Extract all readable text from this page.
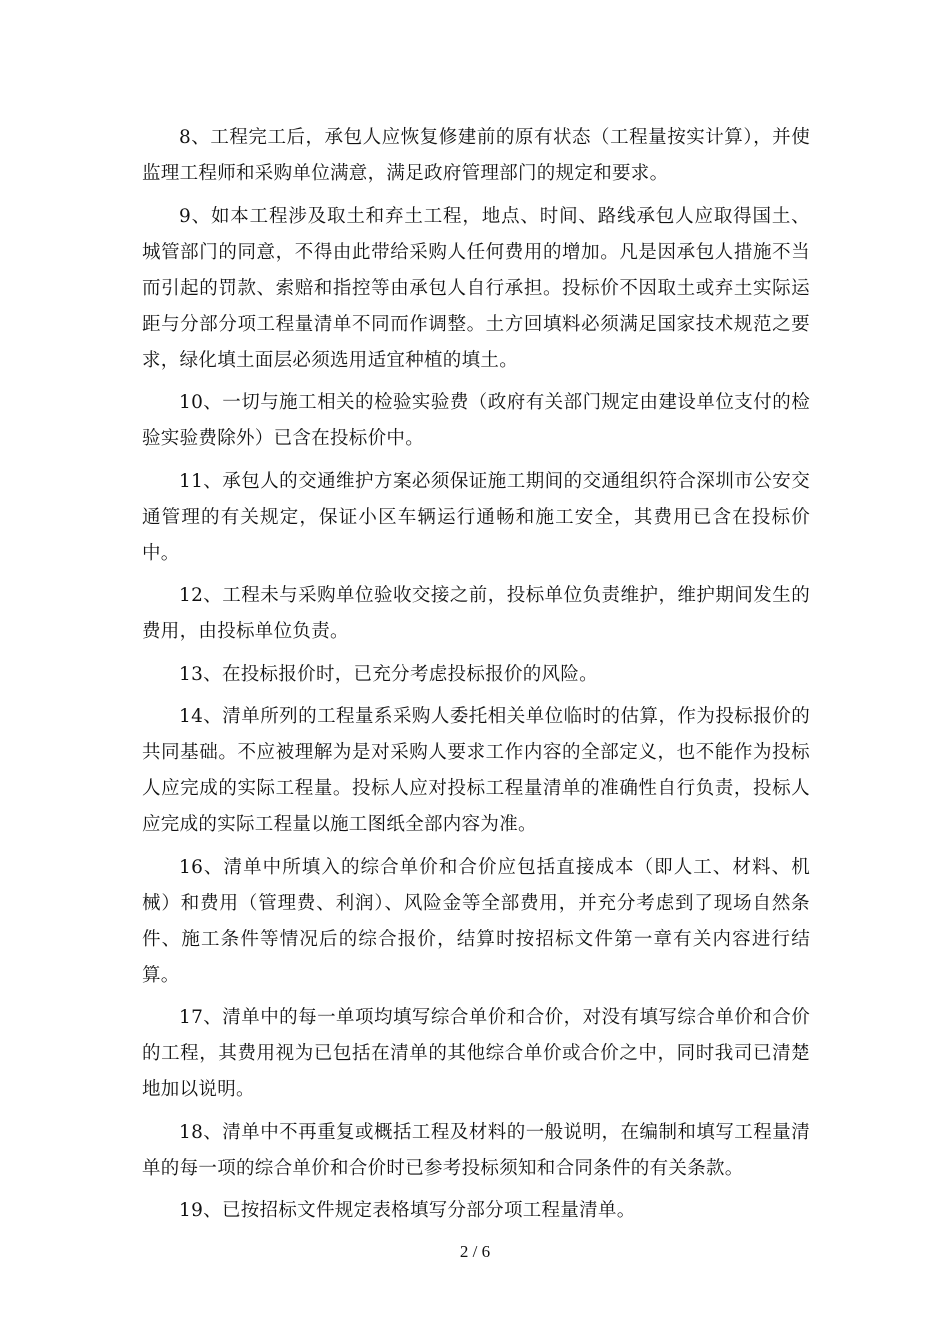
8、工程完工后，承包人应恢复修建前的原有状态（工程量按实计算），并使监理工程师和采购单位满意，满足政府管理部门的规定和要求。

9、如本工程涉及取土和弃土工程，地点、时间、路线承包人应取得国土、城管部门的同意，不得由此带给采购人任何费用的增加。凡是因承包人措施不当而引起的罚款、索赔和指控等由承包人自行承担。投标价不因取土或弃土实际运距与分部分项工程量清单不同而作调整。土方回填料必须满足国家技术规范之要求，绿化填土面层必须选用适宜种植的填土。

10、一切与施工相关的检验实验费（政府有关部门规定由建设单位支付的检验实验费除外）已含在投标价中。

11、承包人的交通维护方案必须保证施工期间的交通组织符合深圳市公安交通管理的有关规定，保证小区车辆运行通畅和施工安全，其费用已含在投标价中。

12、工程未与采购单位验收交接之前，投标单位负责维护，维护期间发生的费用，由投标单位负责。

13、在投标报价时，已充分考虑投标报价的风险。

14、清单所列的工程量系采购人委托相关单位临时的估算，作为投标报价的共同基础。不应被理解为是对采购人要求工作内容的全部定义，也不能作为投标人应完成的实际工程量。投标人应对投标工程量清单的准确性自行负责，投标人应完成的实际工程量以施工图纸全部内容为准。

16、清单中所填入的综合单价和合价应包括直接成本（即人工、材料、机械）和费用（管理费、利润）、风险金等全部费用，并充分考虑到了现场自然条件、施工条件等情况后的综合报价，结算时按招标文件第一章有关内容进行结算。

17、清单中的每一单项均填写综合单价和合价，对没有填写综合单价和合价的工程，其费用视为已包括在清单的其他综合单价或合价之中，同时我司已清楚地加以说明。

18、清单中不再重复或概括工程及材料的一般说明，在编制和填写工程量清单的每一项的综合单价和合价时已参考投标须知和合同条件的有关条款。

19、已按招标文件规定表格填写分部分项工程量清单。

2 / 6
